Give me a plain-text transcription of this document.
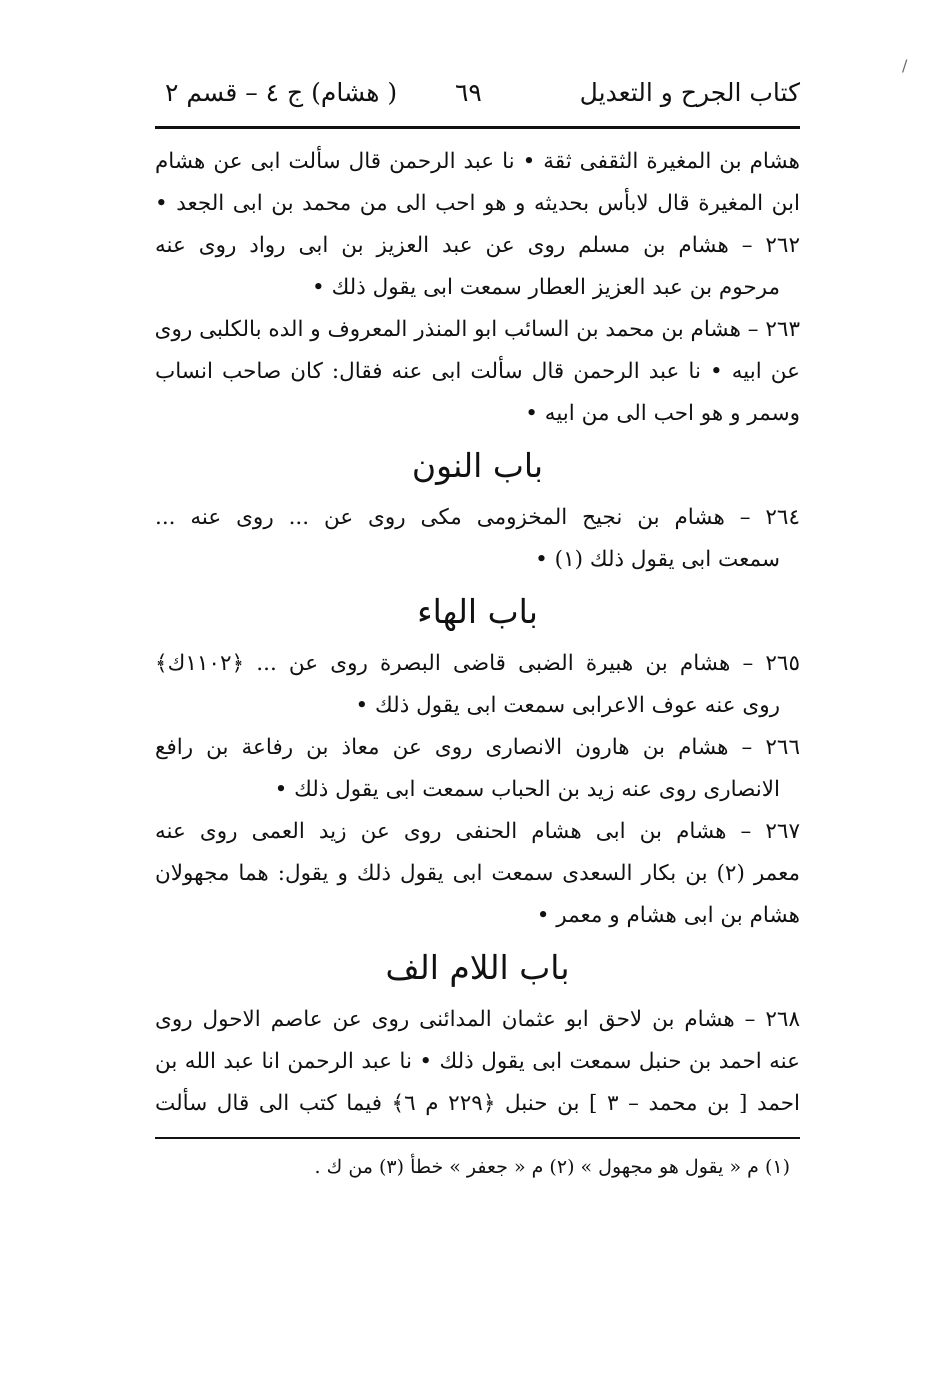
/
كتاب الجرح و التعديل
٦٩
( هشام) ج ٤ – قسم ٢
هشام بن المغيرة الثقفى ثقة • نا عبد الرحمن قال سألت ابى عن هشام
ابن المغيرة قال لابأس بحديثه و هو احب الى من محمد بن ابى الجعد •
٢٦٢ – هشام بن مسلم روى عن عبد العزيز بن ابى رواد روى عنه
مرحوم بن عبد العزيز العطار سمعت ابى يقول ذلك •
٢٦٣ – هشام بن محمد بن السائب ابو المنذر المعروف و الده بالكلبى روى
عن ابيه • نا عبد الرحمن قال سألت ابى عنه فقال: كان صاحب انساب
وسمر و هو احب الى من ابيه •
باب النون
٢٦٤ – هشام بن نجيح المخزومى مكى روى عن ... روى عنه ...
سمعت ابى يقول ذلك (١) •
باب الهاء
٢٦٥ – هشام بن هبيرة الضبى قاضى البصرة روى عن ... ﴿١١٠٢ك﴾
روى عنه عوف الاعرابى سمعت ابى يقول ذلك •
٢٦٦ – هشام بن هارون الانصارى روى عن معاذ بن رفاعة بن رافع
الانصارى روى عنه زيد بن الحباب سمعت ابى يقول ذلك •
٢٦٧ – هشام بن ابى هشام الحنفى روى عن زيد العمى روى عنه
معمر (٢) بن بكار السعدى سمعت ابى يقول ذلك و يقول: هما مجهولان
هشام بن ابى هشام و معمر •
باب اللام الف
٢٦٨ – هشام بن لاحق ابو عثمان المدائنى روى عن عاصم الاحول روى
عنه احمد بن حنبل سمعت ابى يقول ذلك • نا عبد الرحمن انا عبد الله بن
احمد [ بن محمد – ٣ ] بن حنبل ﴿٢٢٩ م ٦﴾ فيما كتب الى قال سألت
(١) م « يقول هو مجهول » (٢) م « جعفر » خطأ (٣) من ك .
